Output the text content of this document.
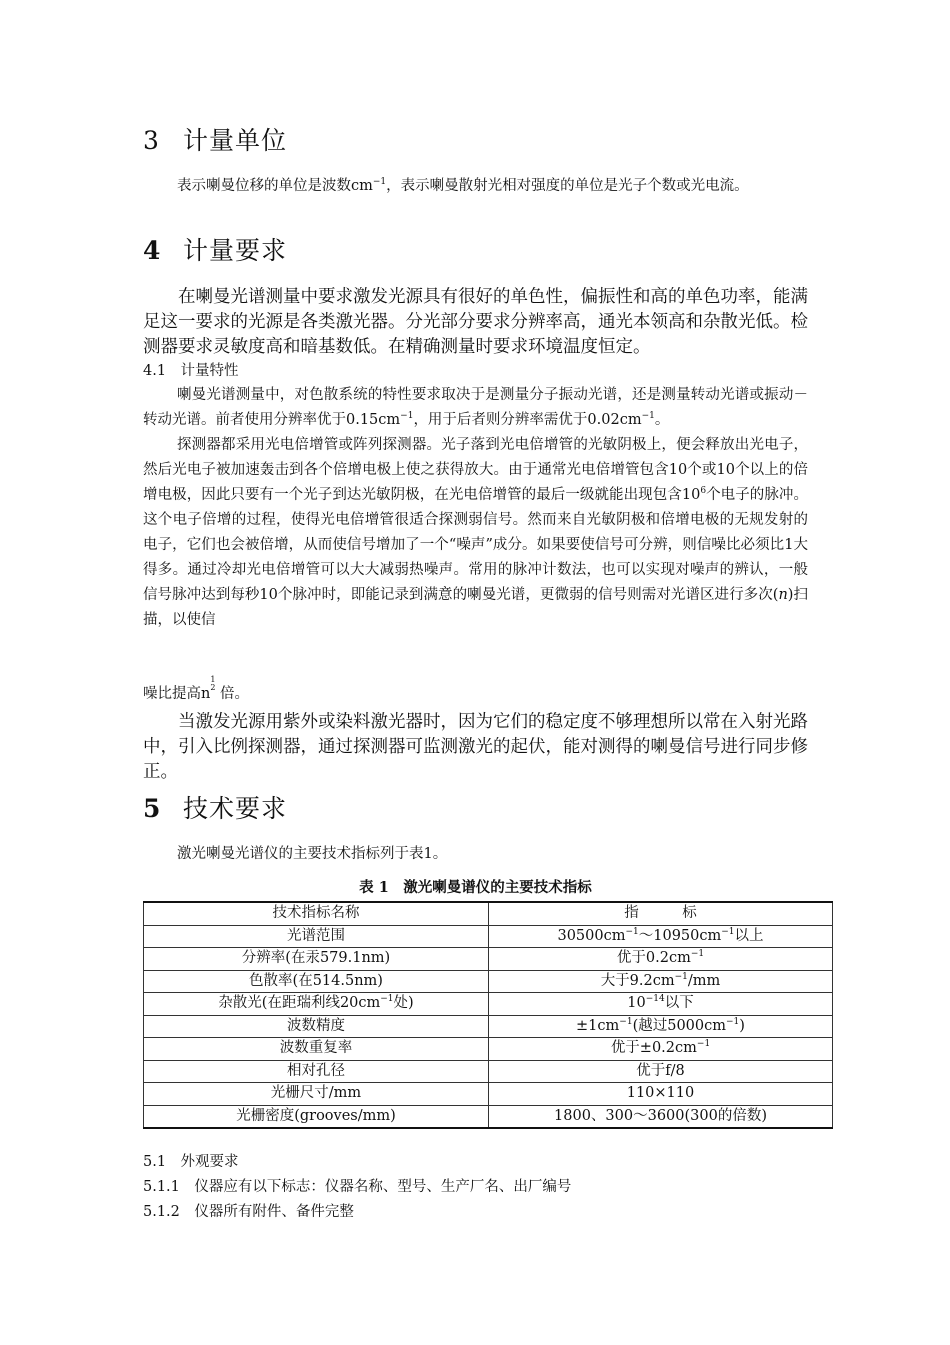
3 计量单位

表示喇曼位移的单位是波数$cm^{-1}$，表示喇曼散射光相对强度的单位是光子个数或光电流。

4 计量要求

在喇曼光谱测量中要求激发光源具有很好的单色性，偏振性和高的单色功率，能满足这一要求的光源是各类激光器。分光部分要求分辨率高，通光本领高和杂散光低。检测器要求灵敏度高和暗基数低。在精确测量时要求环境温度恒定。

4.1　计量特性

喇曼光谱测量中，对色散系统的特性要求取决于是测量分子振动光谱，还是测量转动光谱或振动－转动光谱。前者使用分辨率优于$0.15cm^{-1}$，用于后者则分辨率需优于$0.02cm^{-1}$。

探测器都采用光电倍增管或阵列探测器。光子落到光电倍增管的光敏阴极上，便会释放出光电子，然后光电子被加速轰击到各个倍增电极上使之获得放大。由于通常光电倍增管包含10个或10个以上的倍增电极，因此只要有一个光子到达光敏阴极，在光电倍增管的最后一级就能出现包含$10^6$个电子的脉冲。这个电子倍增的过程，使得光电倍增管很适合探测弱信号。然而来自光敏阴极和倍增电极的无规发射的电子，它们也会被倍增，从而使信号增加了一个“噪声”成分。如果要使信号可分辨，则信噪比必须比1大得多。通过冷却光电倍增管可以大大减弱热噪声。常用的脉冲计数法，也可以实现对噪声的辨认，一般信号脉冲达到每秒10个脉冲时，即能记录到满意的喇曼光谱，更微弱的信号则需对光谱区进行多次(n)扫描，以使信

噪比提高n1
2 倍。

当激发光源用紫外或染料激光器时，因为它们的稳定度不够理想所以常在入射光路中，引入比例探测器，通过探测器可监测激光的起伏，能对测得的喇曼信号进行同步修正。

5 技术要求

激光喇曼光谱仪的主要技术指标列于表1。

表 1　激光喇曼谱仪的主要技术指标
技术指标名称	指　　　标
光谱范围	$30500cm^{-1}\sim 10950cm^{-1}$以上
分辨率(在汞579.1nm)	优于$0.2cm^{-1}$
色散率(在514.5nm)	大于$9.2cm^{-1}/mm$
杂散光(在距瑞利线$20cm^{-1}$处)	$10^{-14}$以下
波数精度	$\pm 1cm^{-1}$(越过$5000cm^{-1}$)
波数重复率	优于$\pm 0.2cm^{-1}$
相对孔径	优于f/8
光栅尺寸/mm	110×110
光栅密度(grooves/mm)	1800、300～3600(300的倍数)
5.1　外观要求
5.1.1　仪器应有以下标志：仪器名称、型号、生产厂名、出厂编号
5.1.2　仪器所有附件、备件完整
